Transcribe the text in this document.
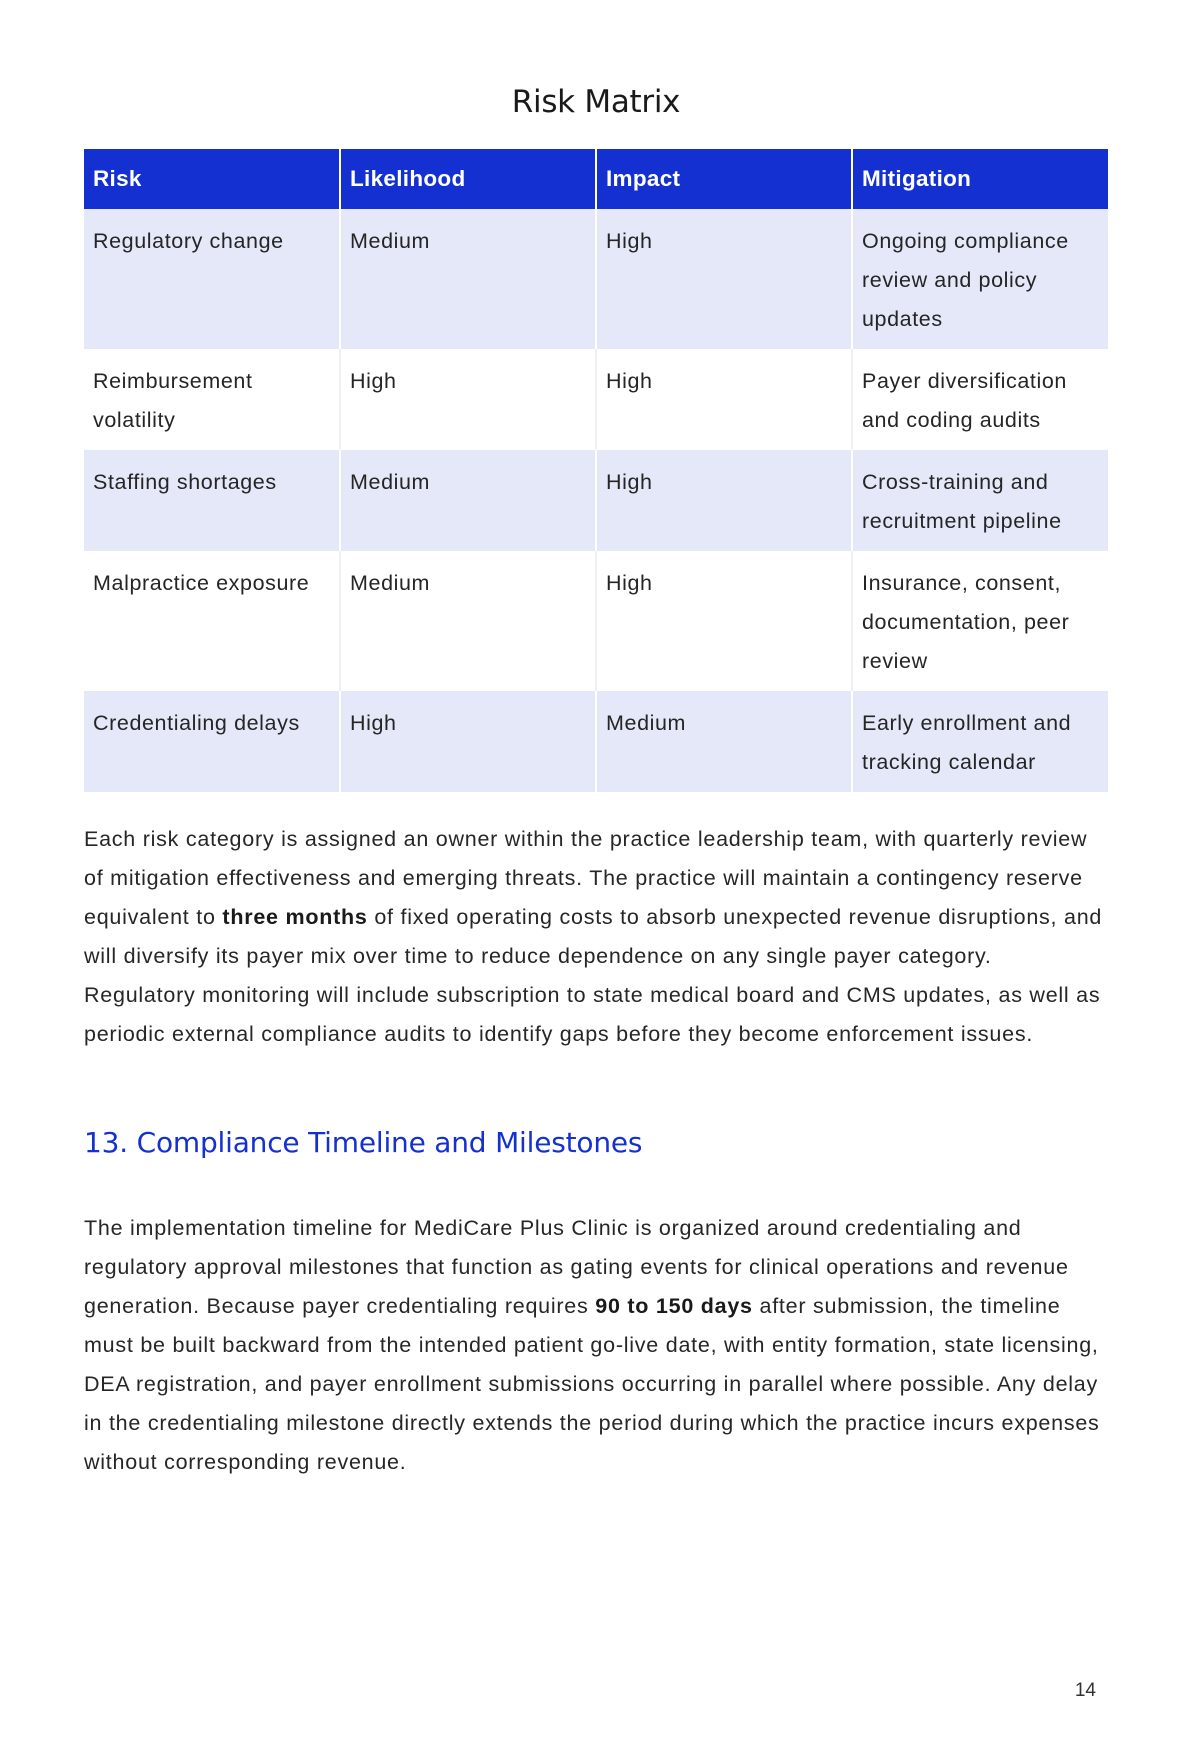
Risk Matrix
Risk	Likelihood	Impact	Mitigation
Regulatory change	Medium	High	Ongoing compliance review and policy updates
Reimbursement volatility	High	High	Payer diversification and coding audits
Staffing shortages	Medium	High	Cross-training and recruitment pipeline
Malpractice exposure	Medium	High	Insurance, consent, documentation, peer review
Credentialing delays	High	Medium	Early enrollment and tracking calendar

Each risk category is assigned an owner within the practice leadership team, with quarterly review of mitigation effectiveness and emerging threats. The practice will maintain a contingency reserve equivalent to three months of fixed operating costs to absorb unexpected revenue disruptions, and will diversify its payer mix over time to reduce dependence on any single payer category. Regulatory monitoring will include subscription to state medical board and CMS updates, as well as periodic external compliance audits to identify gaps before they become enforcement issues.

13. Compliance Timeline and Milestones

The implementation timeline for MediCare Plus Clinic is organized around credentialing and regulatory approval milestones that function as gating events for clinical operations and revenue generation. Because payer credentialing requires 90 to 150 days after submission, the timeline must be built backward from the intended patient go-live date, with entity formation, state licensing, DEA registration, and payer enrollment submissions occurring in parallel where possible. Any delay in the credentialing milestone directly extends the period during which the practice incurs expenses without corresponding revenue.

14
